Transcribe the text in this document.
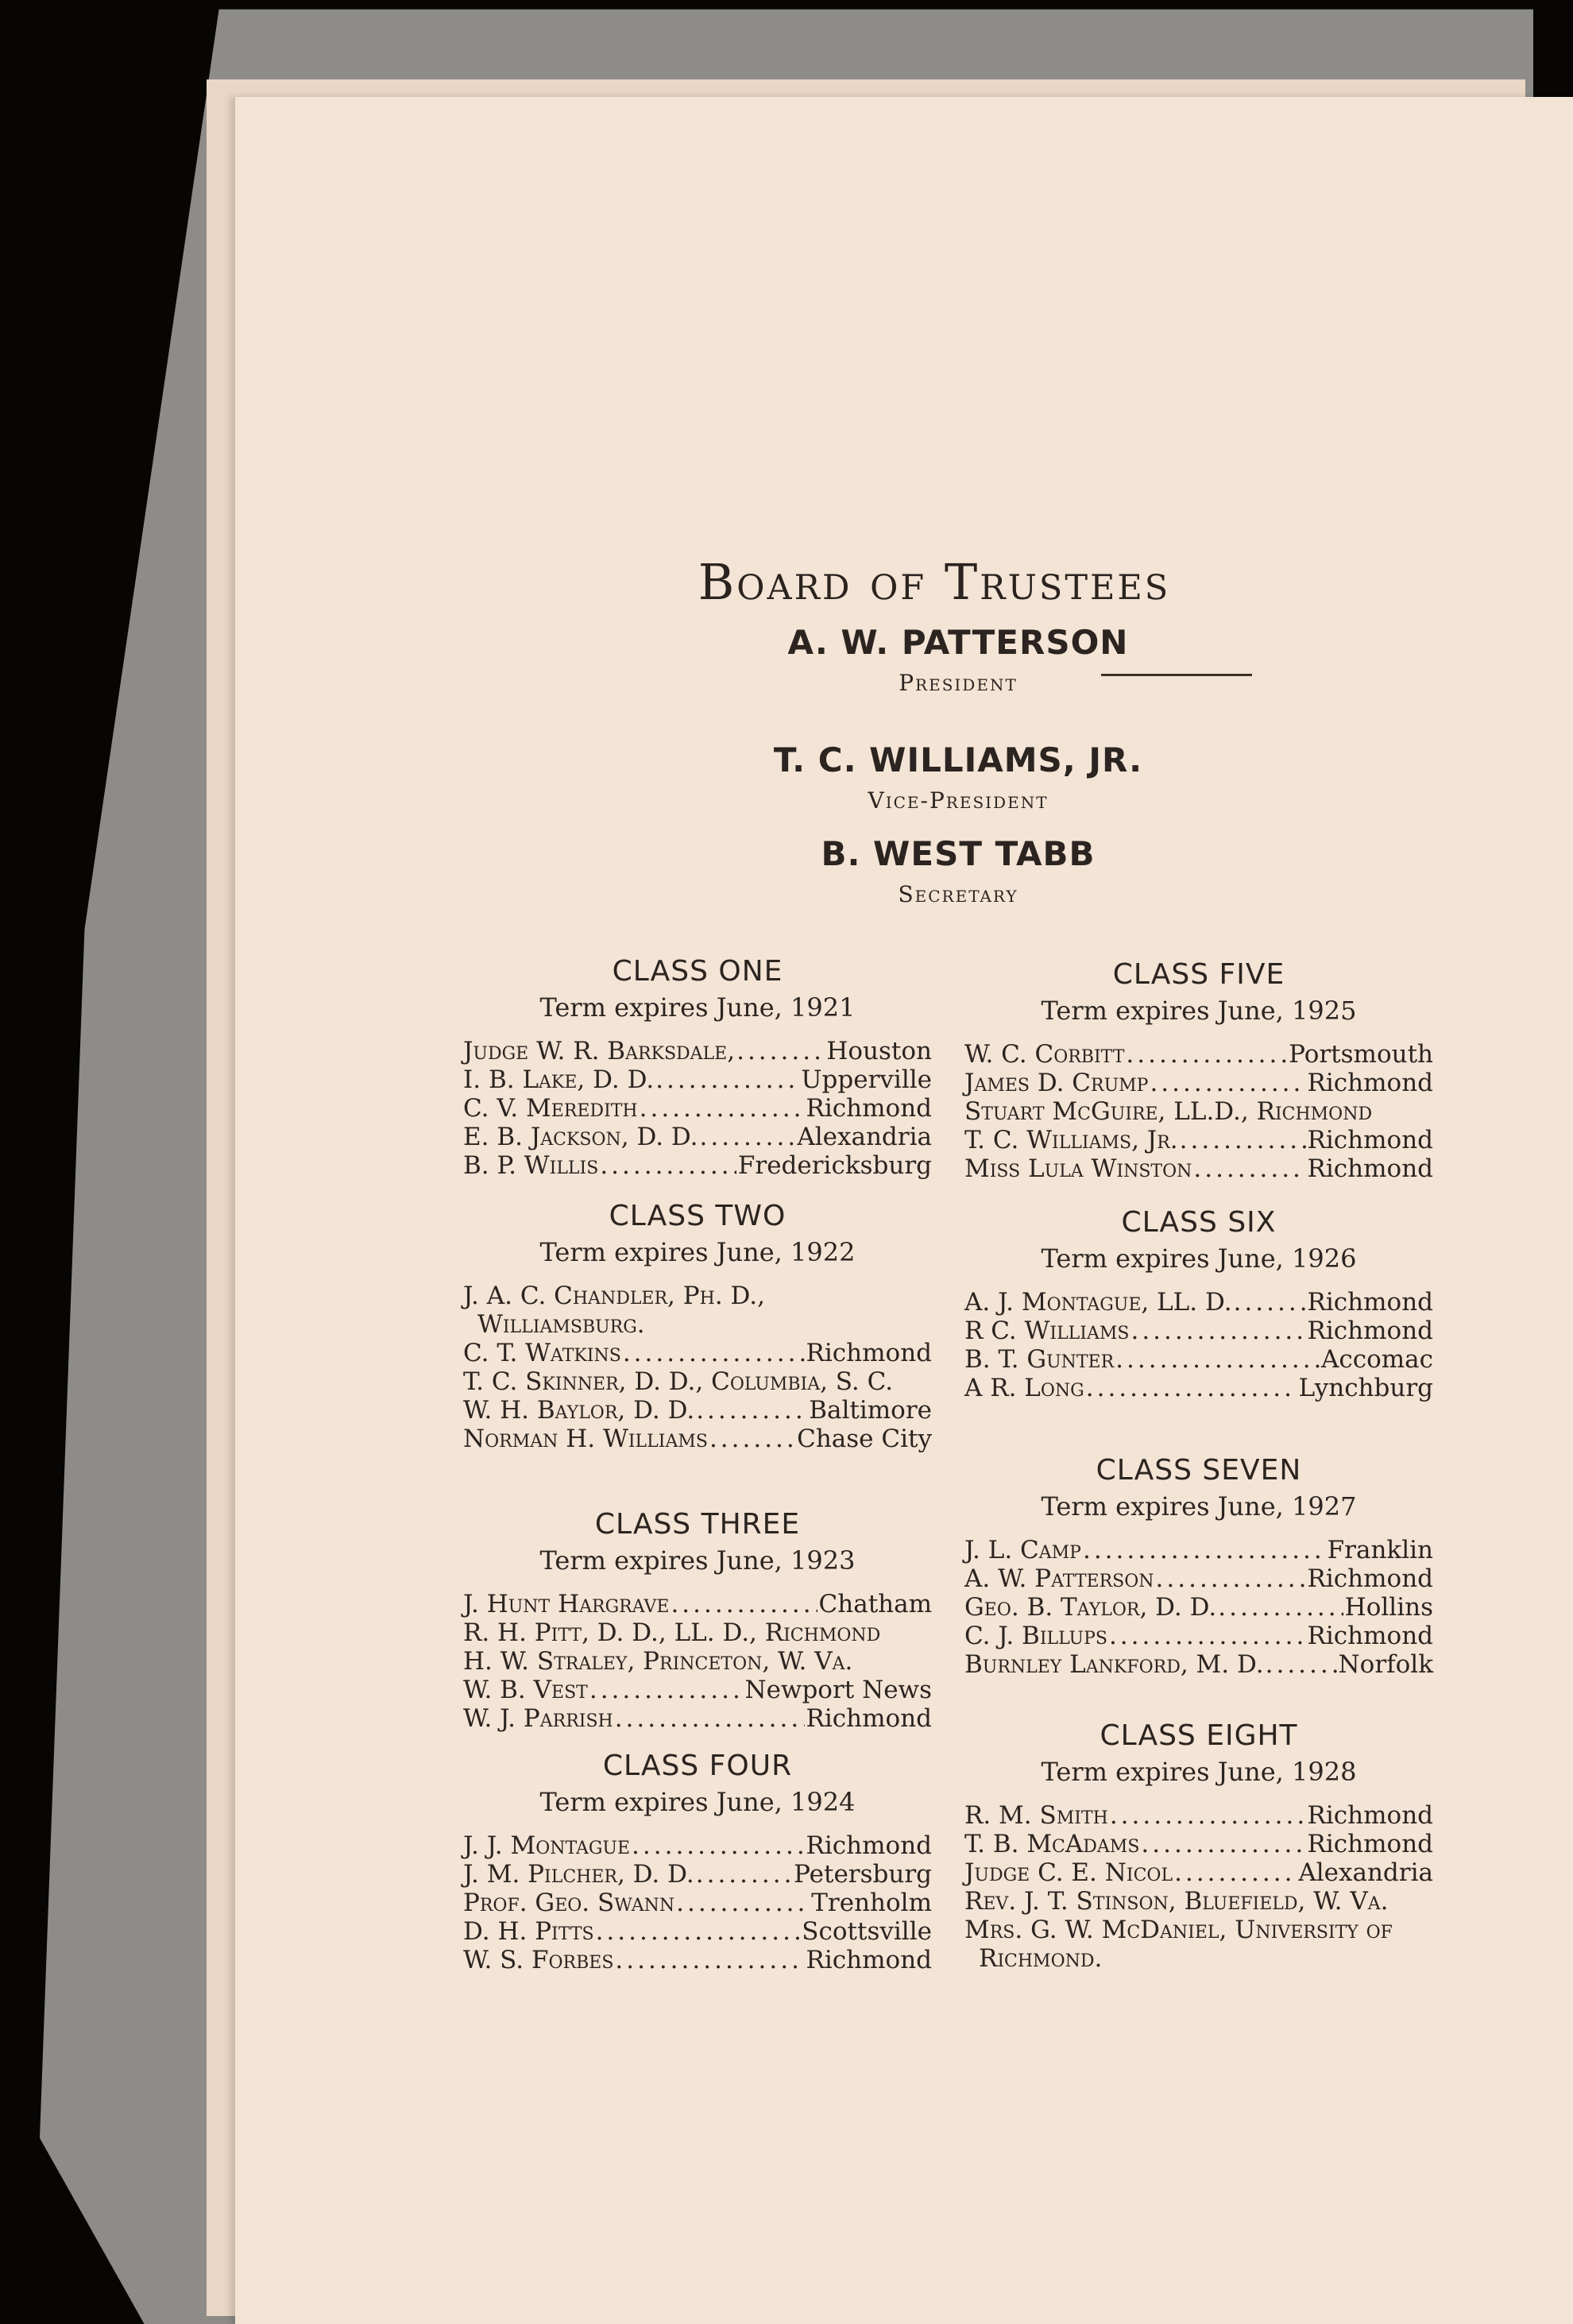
Board of Trustees
A. W. PATTERSON
President
T. C. WILLIAMS, JR.
Vice-President
B. WEST TABB
Secretary
CLASS ONE
Term expires June, 1921
Judge W. R. Barksdale, .....	Houston
I. B. Lake, D. D. .....	Upperville
C. V. Meredith .....	Richmond
E. B. Jackson, D. D. .....	Alexandria
B. P. Willis .....	Fredericksburg
CLASS TWO
Term expires June, 1922
J. A. C. Chandler, Ph. D., Williamsburg.
C. T. Watkins .....	Richmond
T. C. Skinner, D. D., Columbia, S. C.
W. H. Baylor, D. D. .....	Baltimore
Norman H. Williams .....	Chase City
CLASS THREE
Term expires June, 1923
J. Hunt Hargrave .....	Chatham
R. H. Pitt, D. D., LL. D., Richmond
H. W. Straley, Princeton, W. Va.
W. B. Vest .....	Newport News
W. J. Parrish .....	Richmond
CLASS FOUR
Term expires June, 1924
J. J. Montague .....	Richmond
J. M. Pilcher, D. D. .....	Petersburg
Prof. Geo. Swann .....	Trenholm
D. H. Pitts .....	Scottsville
W. S. Forbes .....	Richmond
CLASS FIVE
Term expires June, 1925
W. C. Corbitt .....	Portsmouth
James D. Crump .....	Richmond
Stuart McGuire, LL.D., Richmond
T. C. Williams, Jr. .....	Richmond
Miss Lula Winston .....	Richmond
CLASS SIX
Term expires June, 1926
A. J. Montague, LL. D. .....	Richmond
R C. Williams .....	Richmond
B. T. Gunter .....	Accomac
A R. Long .....	Lynchburg
CLASS SEVEN
Term expires June, 1927
J. L. Camp .....	Franklin
A. W. Patterson .....	Richmond
Geo. B. Taylor, D. D. .....	Hollins
C. J. Billups .....	Richmond
Burnley Lankford, M. D. .....	Norfolk
CLASS EIGHT
Term expires June, 1928
R. M. Smith .....	Richmond
T. B. McAdams .....	Richmond
Judge C. E. Nicol .....	Alexandria
Rev. J. T. Stinson, Bluefield, W. Va.
Mrs. G. W. McDaniel, University of Richmond.
